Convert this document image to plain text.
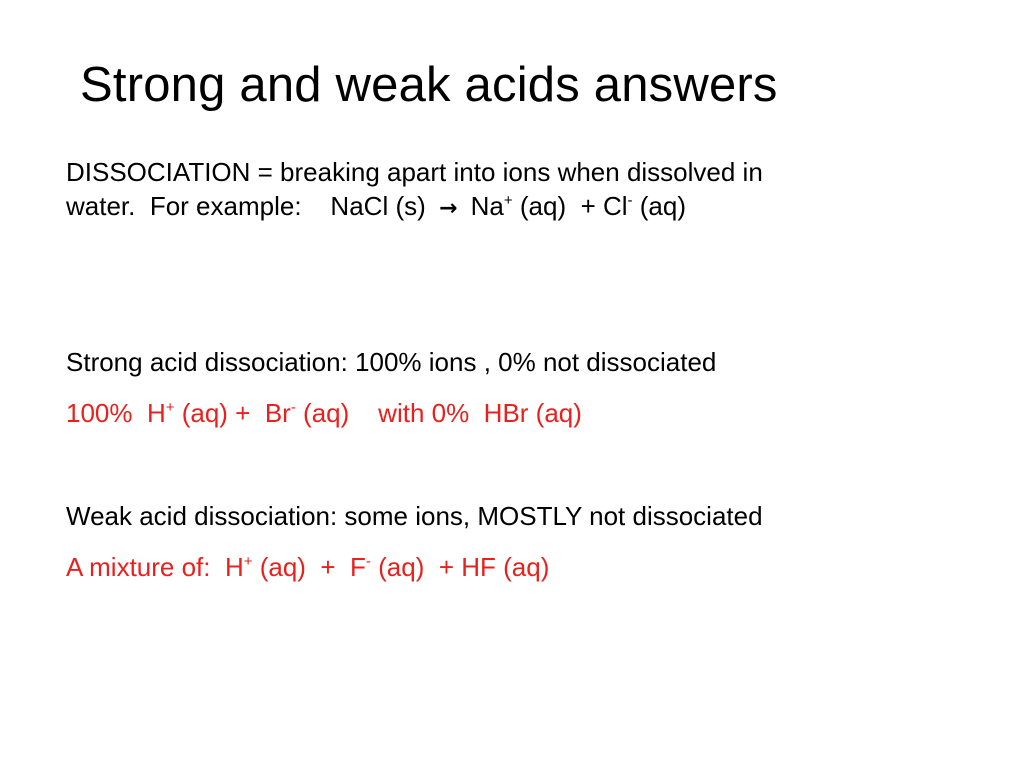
Strong and weak acids answers
DISSOCIATION = breaking apart into ions when dissolved in
water.  For example:    NaCl (s) → Na+ (aq)  + Cl- (aq)
Strong acid dissociation: 100% ions , 0% not dissociated
100%  H+ (aq) +  Br- (aq)    with 0%  HBr (aq)
Weak acid dissociation: some ions, MOSTLY not dissociated
A mixture of:  H+ (aq)  +  F- (aq)  + HF (aq)
